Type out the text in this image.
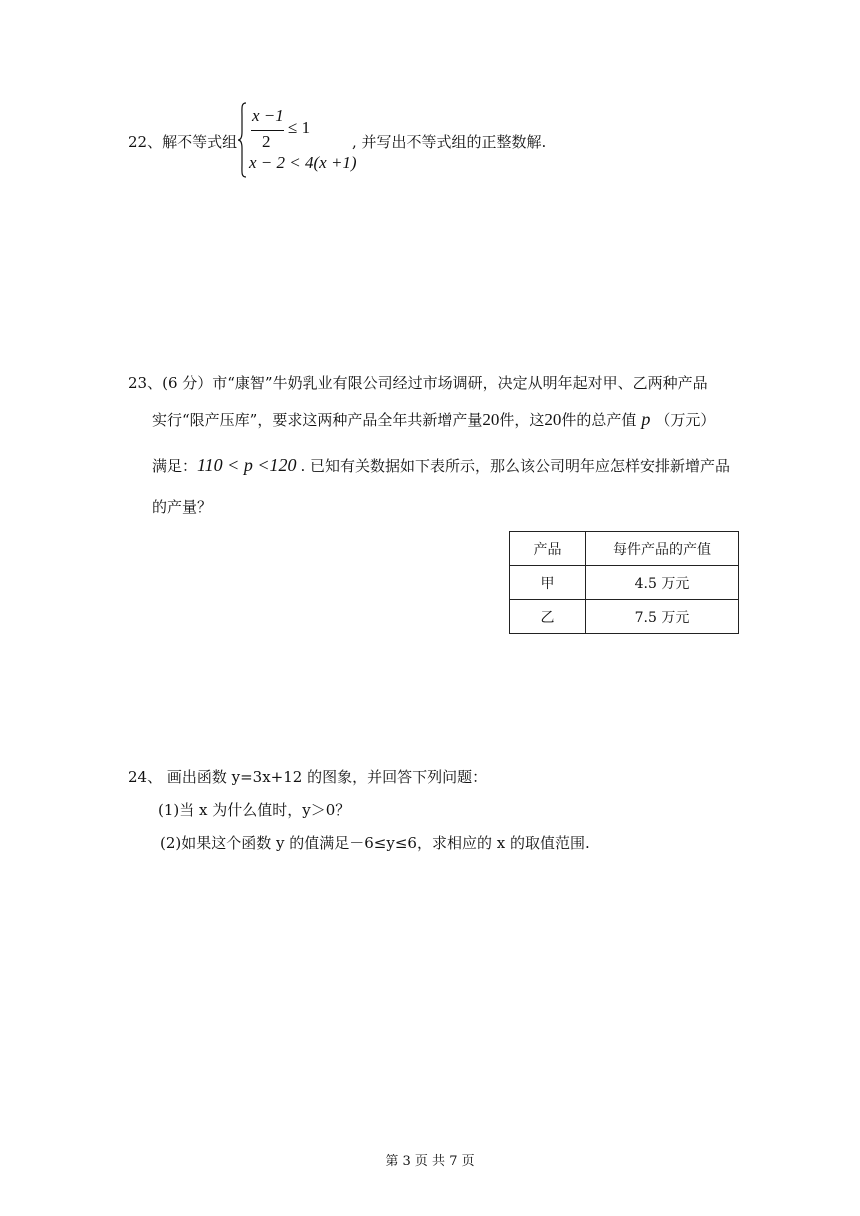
22、解不等式组
x −1
2
≤ 1
x − 2 < 4(x +1)
, 并写出不等式组的正整数解.
23、(6 分）市“康智”牛奶乳业有限公司经过市场调研，决定从明年起对甲、乙两种产品
实行“限产压库”，要求这两种产品全年共新增产量20件，这20件的总产值 p （万元）
满足：110 < p <120 . 已知有关数据如下表所示，那么该公司明年应怎样安排新增产品
的产量？
产品	每件产品的产值
甲	4.5 万元
乙	7.5 万元
24、 画出函数 y=3x+12 的图象，并回答下列问题：
(1)当 x 为什么值时，y＞0？
(2)如果这个函数 y 的值满足－6≤y≤6，求相应的 x 的取值范围.
第 3 页 共 7 页
